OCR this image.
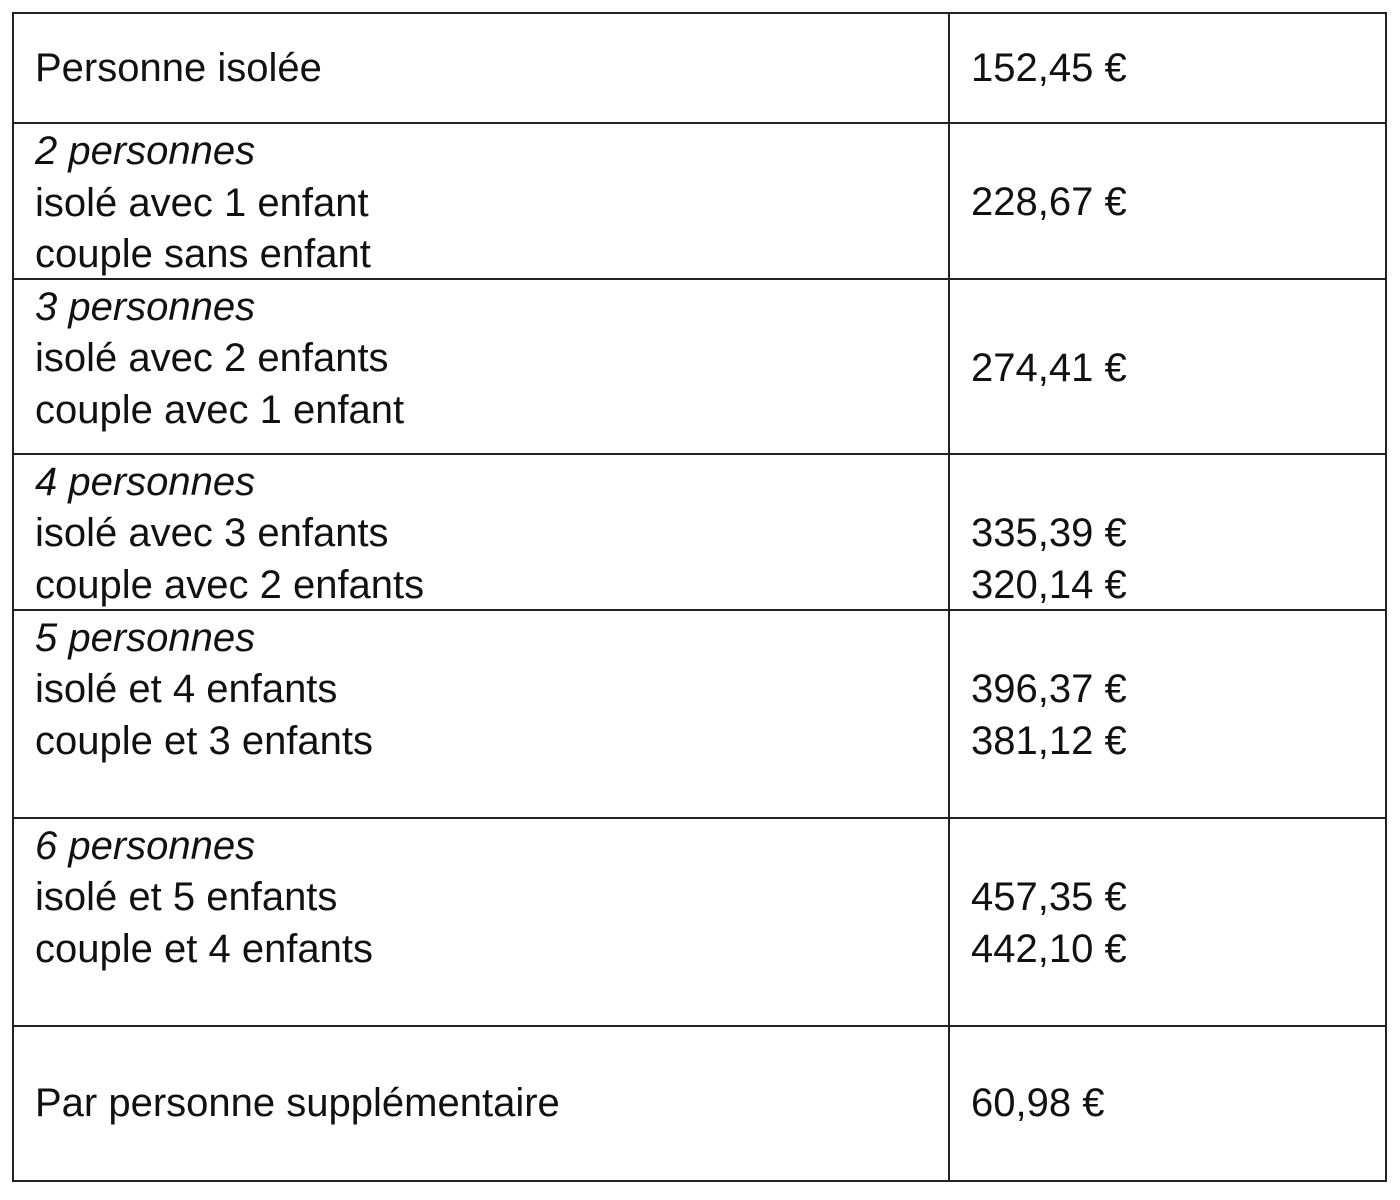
Personne isolée	152,45 €
2 personnes
isolé avec 1 enfant
couple sans enfant
228,67 €
3 personnes
isolé avec 2 enfants
couple avec 1 enfant
274,41 €
4 personnes
isolé avec 3 enfants
couple avec 2 enfants
335,39 €
320,14 €
5 personnes
isolé et 4 enfants
couple et 3 enfants
396,37 €
381,12 €
6 personnes
isolé et 5 enfants
couple et 4 enfants
457,35 €
442,10 €
Par personne supplémentaire	60,98 €
